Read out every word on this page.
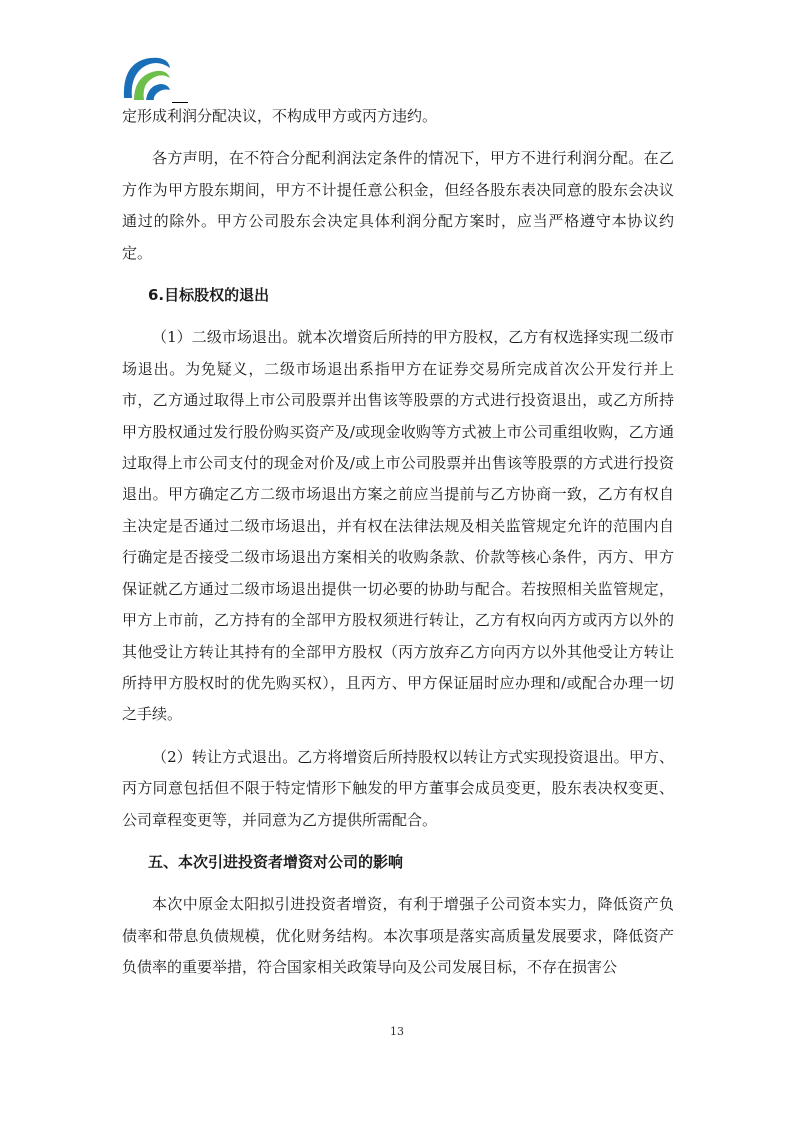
定形成利润分配决议，不构成甲方或丙方违约。

各方声明，在不符合分配利润法定条件的情况下，甲方不进行利润分配。在乙方作为甲方股东期间，甲方不计提任意公积金，但经各股东表决同意的股东会决议通过的除外。甲方公司股东会决定具体利润分配方案时，应当严格遵守本协议约定。

6.目标股权的退出

（1）二级市场退出。就本次增资后所持的甲方股权，乙方有权选择实现二级市场退出。为免疑义，二级市场退出系指甲方在证券交易所完成首次公开发行并上市，乙方通过取得上市公司股票并出售该等股票的方式进行投资退出，或乙方所持甲方股权通过发行股份购买资产及/或现金收购等方式被上市公司重组收购，乙方通过取得上市公司支付的现金对价及/或上市公司股票并出售该等股票的方式进行投资退出。甲方确定乙方二级市场退出方案之前应当提前与乙方协商一致，乙方有权自主决定是否通过二级市场退出，并有权在法律法规及相关监管规定允许的范围内自行确定是否接受二级市场退出方案相关的收购条款、价款等核心条件，丙方、甲方保证就乙方通过二级市场退出提供一切必要的协助与配合。若按照相关监管规定，甲方上市前，乙方持有的全部甲方股权须进行转让，乙方有权向丙方或丙方以外的其他受让方转让其持有的全部甲方股权（丙方放弃乙方向丙方以外其他受让方转让所持甲方股权时的优先购买权），且丙方、甲方保证届时应办理和/或配合办理一切之手续。

（2）转让方式退出。乙方将增资后所持股权以转让方式实现投资退出。甲方、丙方同意包括但不限于特定情形下触发的甲方董事会成员变更，股东表决权变更、公司章程变更等，并同意为乙方提供所需配合。

五、本次引进投资者增资对公司的影响

本次中原金太阳拟引进投资者增资，有利于增强子公司资本实力，降低资产负债率和带息负债规模，优化财务结构。本次事项是落实高质量发展要求，降低资产负债率的重要举措，符合国家相关政策导向及公司发展目标，不存在损害公

13
